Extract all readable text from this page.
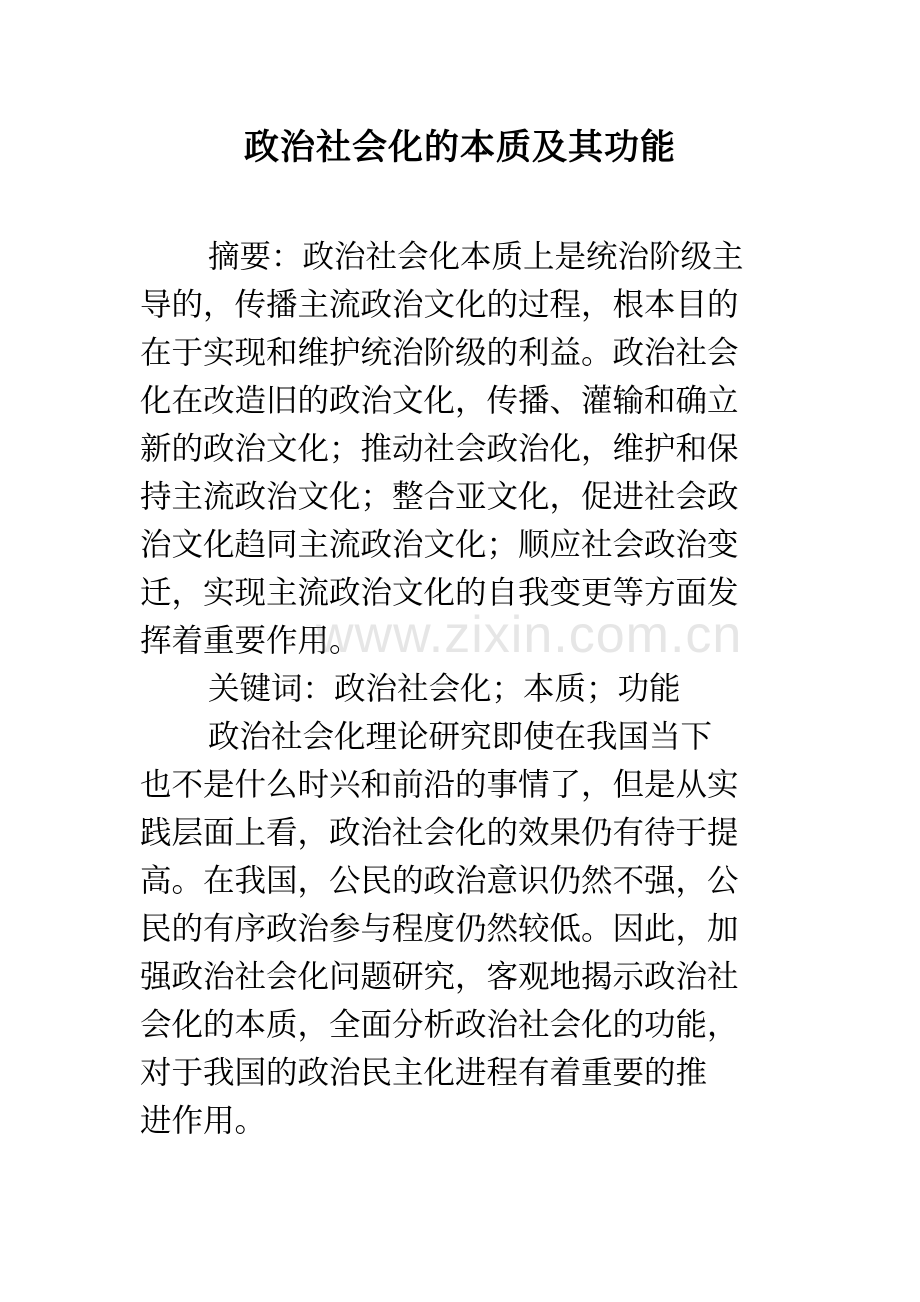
政治社会化的本质及其功能
摘要：政治社会化本质上是统治阶级主
导的，传播主流政治文化的过程，根本目的
在于实现和维护统治阶级的利益。政治社会
化在改造旧的政治文化，传播、灌输和确立
新的政治文化；推动社会政治化，维护和保
持主流政治文化；整合亚文化，促进社会政
治文化趋同主流政治文化；顺应社会政治变
迁，实现主流政治文化的自我变更等方面发
挥着重要作用。
关键词：政治社会化；本质；功能
政治社会化理论研究即使在我国当下
也不是什么时兴和前沿的事情了，但是从实
践层面上看，政治社会化的效果仍有待于提
高。在我国，公民的政治意识仍然不强，公
民的有序政治参与程度仍然较低。因此，加
强政治社会化问题研究，客观地揭示政治社
会化的本质，全面分析政治社会化的功能，
对于我国的政治民主化进程有着重要的推
进作用。
www.zixin.com.cn
